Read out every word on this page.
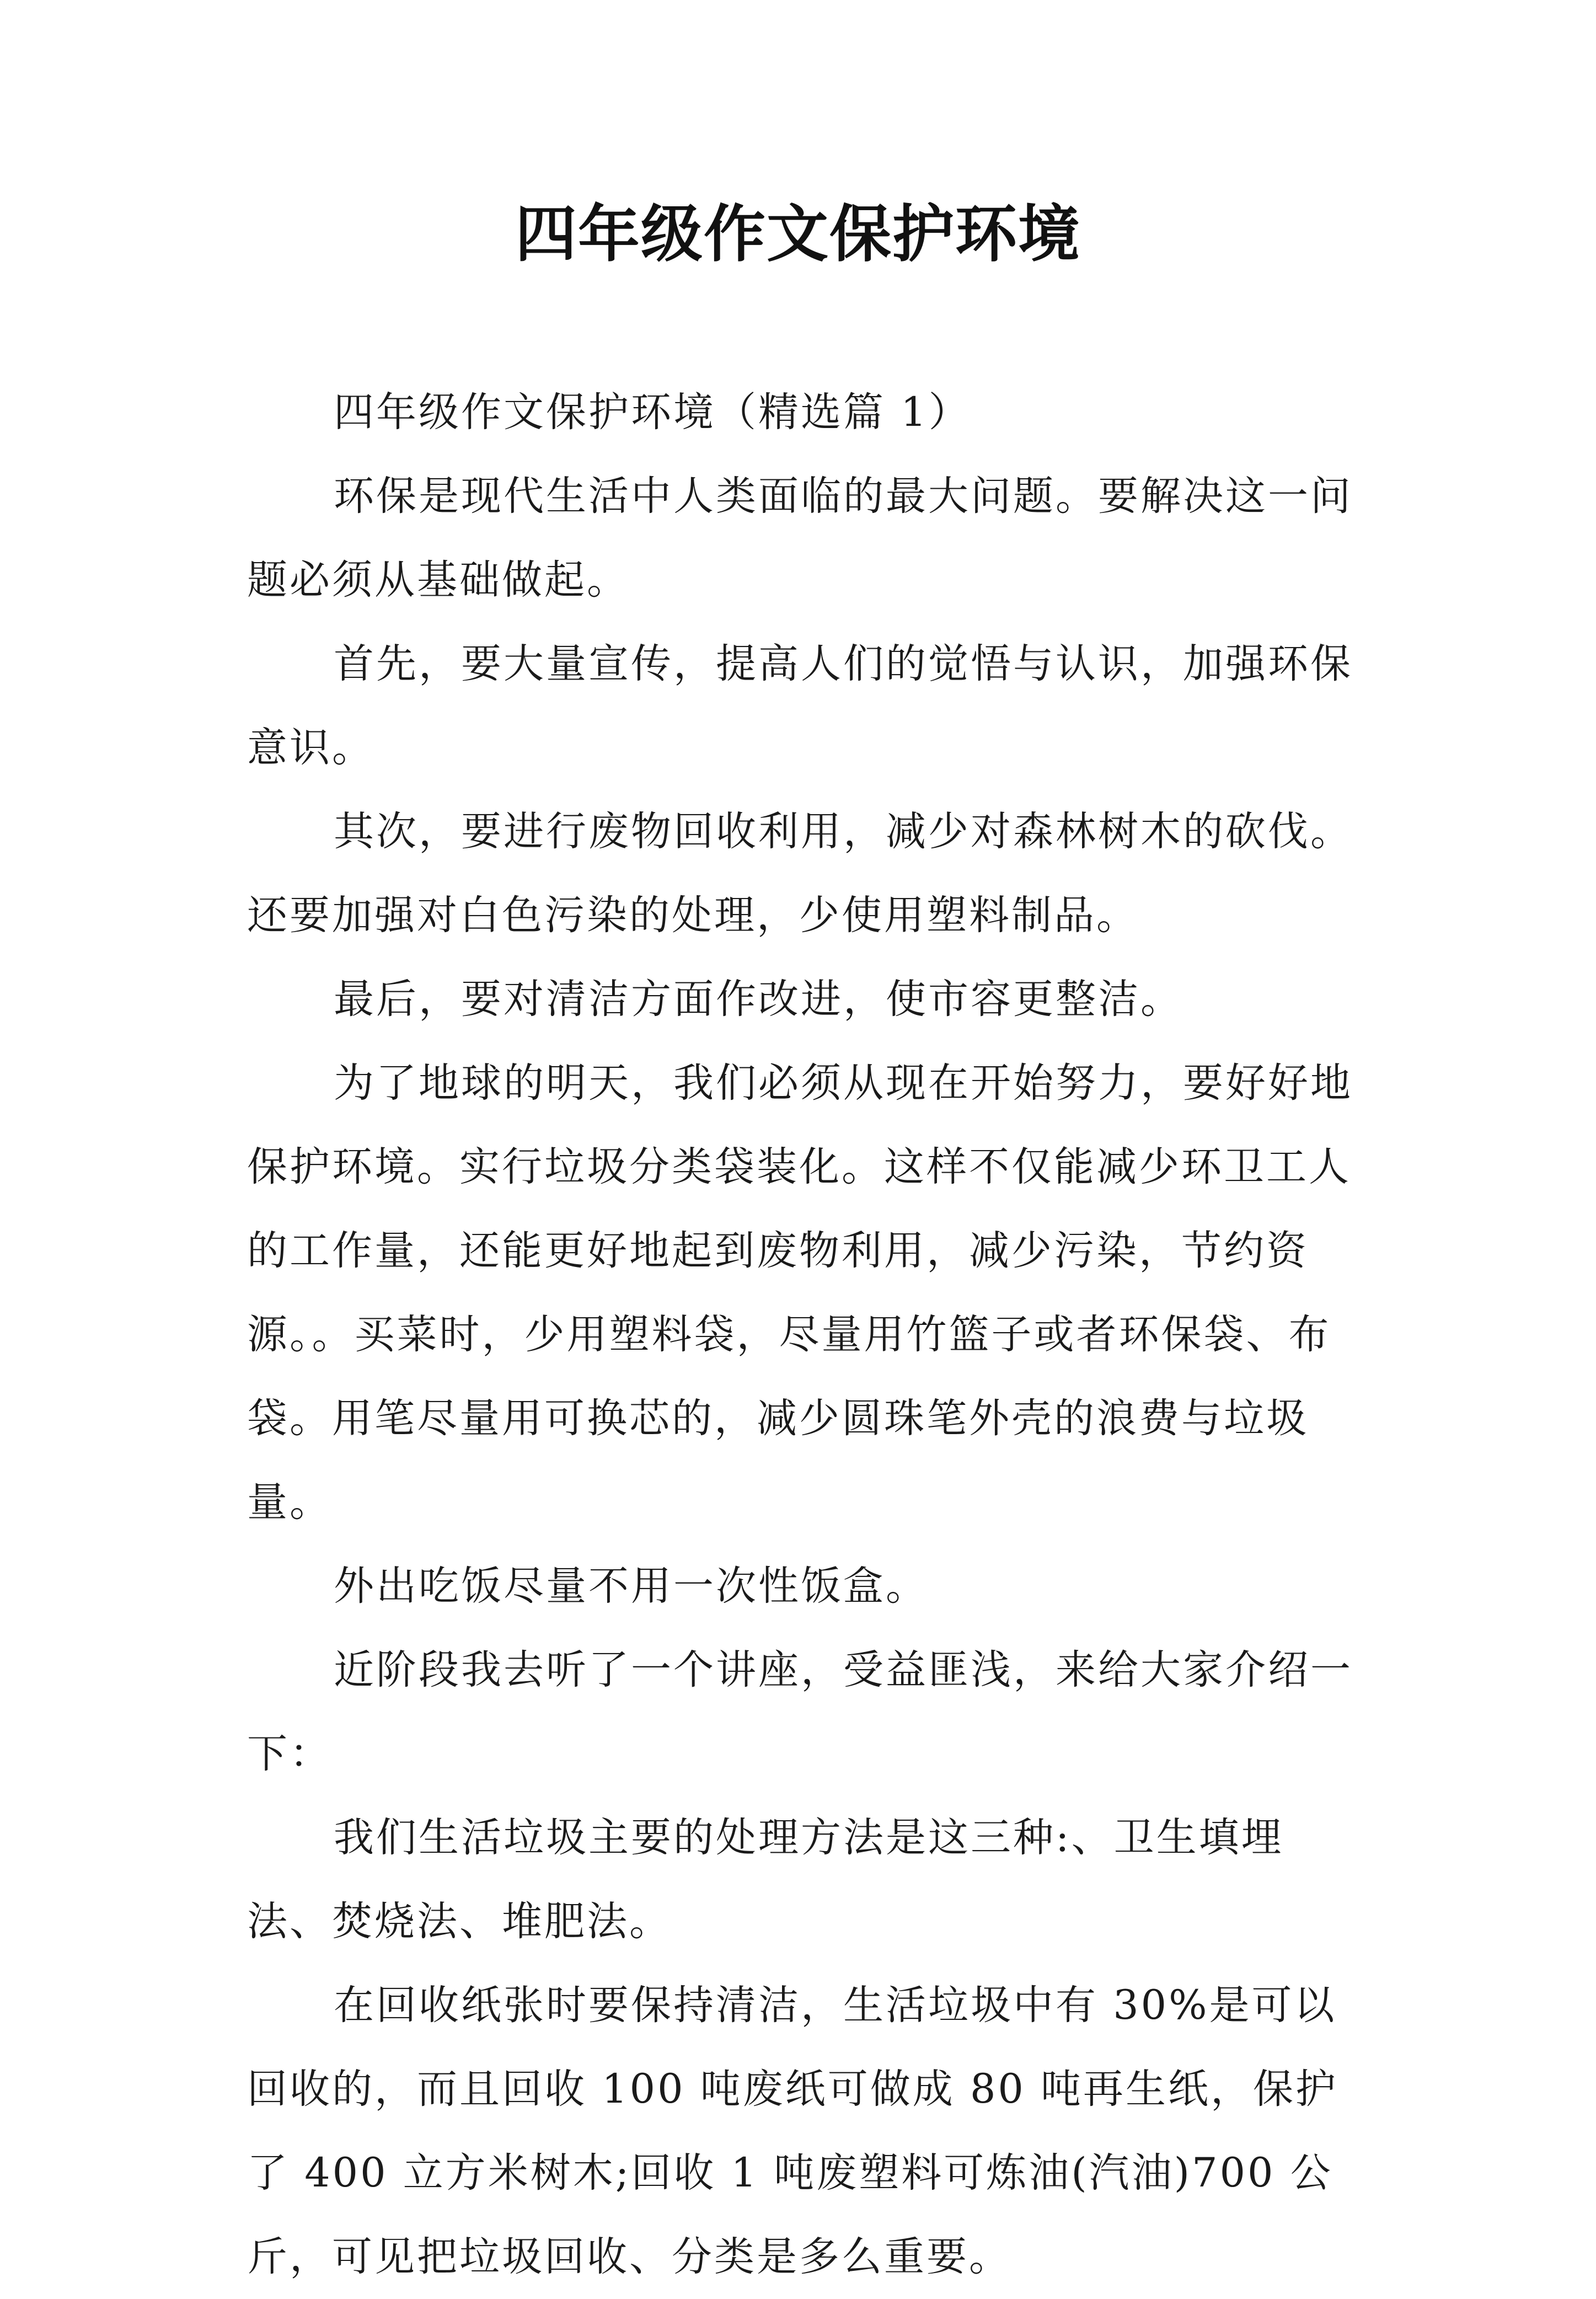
四年级作文保护环境

四年级作文保护环境（精选篇 1）

环保是现代生活中人类面临的最大问题。要解决这一问题必须从基础做起。

首先，要大量宣传，提高人们的觉悟与认识，加强环保意识。

其次，要进行废物回收利用，减少对森林树木的砍伐。还要加强对白色污染的处理，少使用塑料制品。

最后，要对清洁方面作改进，使市容更整洁。

为了地球的明天，我们必须从现在开始努力，要好好地保护环境。实行垃圾分类袋装化。这样不仅能减少环卫工人的工作量，还能更好地起到废物利用，减少污染，节约资源。。买菜时，少用塑料袋，尽量用竹篮子或者环保袋、布袋。用笔尽量用可换芯的，减少圆珠笔外壳的浪费与垃圾量。

外出吃饭尽量不用一次性饭盒。

近阶段我去听了一个讲座，受益匪浅，来给大家介绍一下：

我们生活垃圾主要的处理方法是这三种:、卫生填埋法、焚烧法、堆肥法。

在回收纸张时要保持清洁，生活垃圾中有 30%是可以回收的，而且回收 100 吨废纸可做成 80 吨再生纸，保护了 400 立方米树木;回收 1 吨废塑料可炼油(汽油)700 公斤，可见把垃圾回收、分类是多么重要。
